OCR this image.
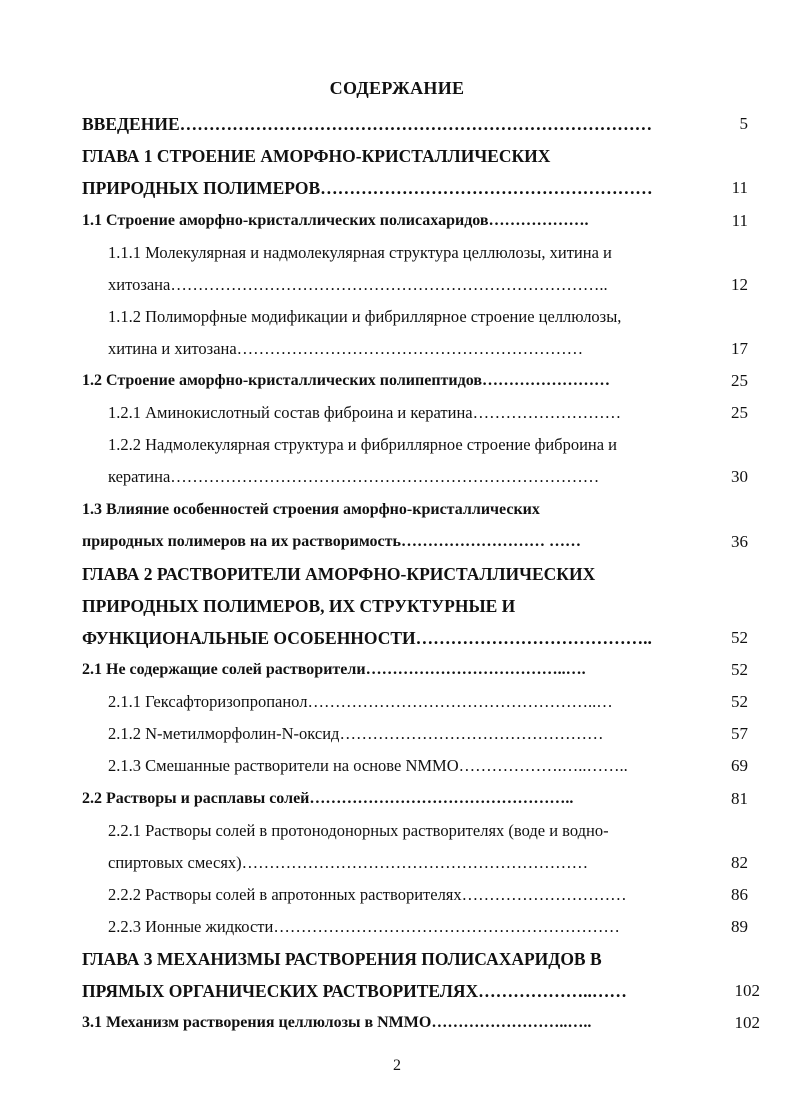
СОДЕРЖАНИЕ
ВВЕДЕНИЕ………………………………………………………………………	5
ГЛАВА 1 СТРОЕНИЕ АМОРФНО-КРИСТАЛЛИЧЕСКИХ
ПРИРОДНЫХ ПОЛИМЕРОВ…………………………………………………	11
1.1 Строение аморфно-кристаллических полисахаридов……………….	11
1.1.1 Молекулярная и надмолекулярная структура целлюлозы, хитина и
хитозана……………………………………………………………………..	12
1.1.2 Полиморфные модификации и фибриллярное строение целлюлозы,
хитина и хитозана………………………………………………………	17
1.2 Строение аморфно-кристаллических полипептидов……………………	25
1.2.1 Аминокислотный состав фиброина и кератина………………………	25
1.2.2 Надмолекулярная структура и фибриллярное строение фиброина и
кератина……………………………………………………………………	30
1.3 Влияние особенностей строения аморфно-кристаллических
природных полимеров на их растворимость……………………… ……	36
ГЛАВА 2 РАСТВОРИТЕЛИ АМОРФНО-КРИСТАЛЛИЧЕСКИХ
ПРИРОДНЫХ ПОЛИМЕРОВ, ИХ СТРУКТУРНЫЕ И
ФУНКЦИОНАЛЬНЫЕ ОСОБЕННОСТИ…………………………………..	52
2.1 Не содержащие солей растворители………………………………..….	52
2.1.1 Гексафторизопропанол……………………………………………..…	52
2.1.2 N-метилморфолин-N-оксид…………………………………………	57
2.1.3 Смешанные растворители на основе NMMO……………….…..……..	69
2.2 Растворы и расплавы солей…………………………………………..	81
2.2.1 Растворы солей в протонодонорных растворителях (воде и водно-
спиртовых смесях)………………………………………………………	82
2.2.2 Растворы солей в апротонных растворителях…………………………	86
2.2.3 Ионные жидкости………………………………………………………	89
ГЛАВА 3 МЕХАНИЗМЫ РАСТВОРЕНИЯ ПОЛИСАХАРИДОВ В
ПРЯМЫХ ОРГАНИЧЕСКИХ РАСТВОРИТЕЛЯХ………………..……	102
3.1 Механизм растворения целлюлозы в NMMO……………………..…..	102
2
